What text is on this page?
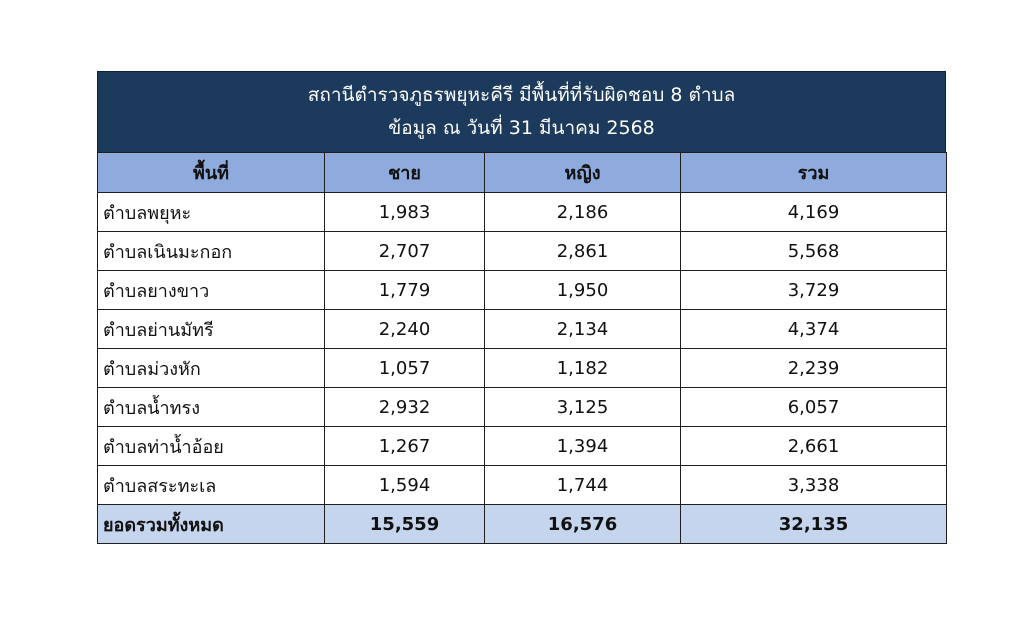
สถานีตำรวจภูธรพยุหะคีรี มีพื้นที่ที่รับผิดชอบ 8 ตำบล
ข้อมูล ณ วันที่ 31 มีนาคม 2568
พื้นที่	ชาย	หญิง	รวม
ตำบลพยุหะ	1,983	2,186	4,169
ตำบลเนินมะกอก	2,707	2,861	5,568
ตำบลยางขาว	1,779	1,950	3,729
ตำบลย่านมัทรี	2,240	2,134	4,374
ตำบลม่วงหัก	1,057	1,182	2,239
ตำบลน้ำทรง	2,932	3,125	6,057
ตำบลท่าน้ำอ้อย	1,267	1,394	2,661
ตำบลสระทะเล	1,594	1,744	3,338
ยอดรวมทั้งหมด	15,559	16,576	32,135
